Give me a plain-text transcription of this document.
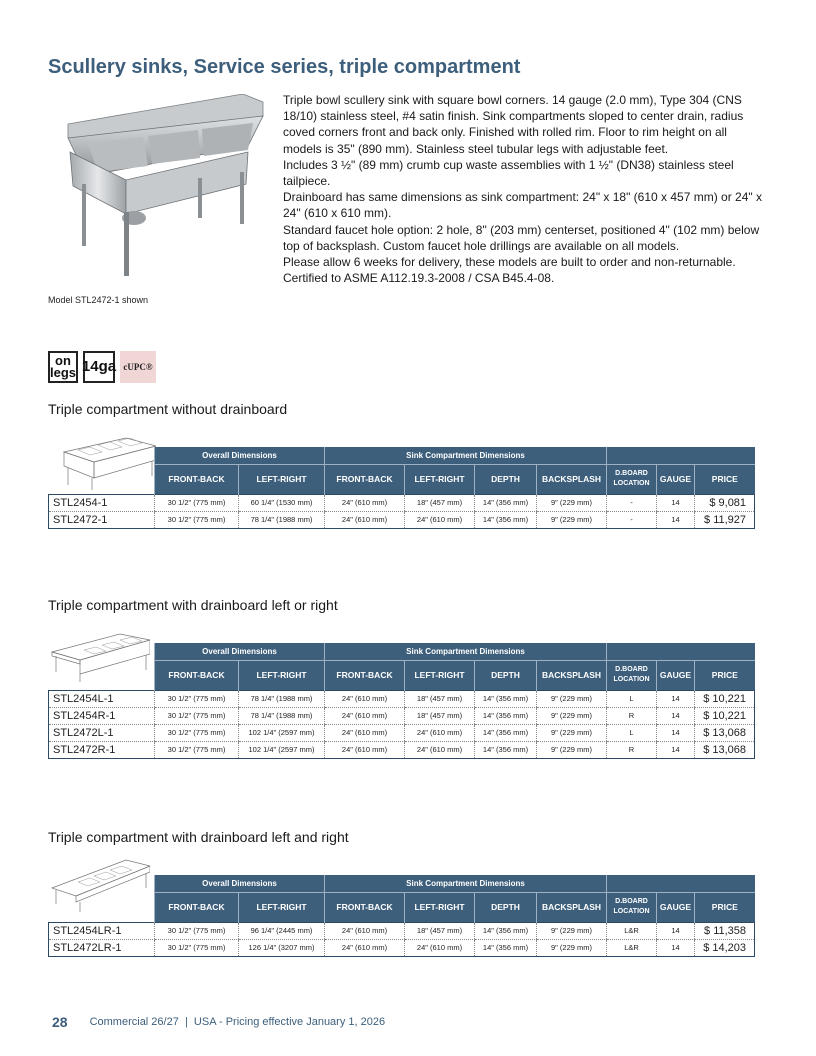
Scullery sinks, Service series, triple compartment
Model STL2472-1 shown

Triple bowl scullery sink with square bowl corners. 14 gauge (2.0 mm), Type 304 (CNS 18/10) stainless steel, #4 satin finish. Sink compartments sloped to center drain, radius coved corners front and back only. Finished with rolled rim. Floor to rim height on all models is 35" (890 mm). Stainless steel tubular legs with adjustable feet.

Includes 3 ½" (89 mm) crumb cup waste assemblies with 1 ½" (DN38) stainless steel tailpiece.

Drainboard has same dimensions as sink compartment: 24" x 18" (610 x 457 mm) or 24" x 24" (610 x 610 mm).

Standard faucet hole option: 2 hole, 8" (203 mm) centerset, positioned 4" (102 mm) below top of backsplash. Custom faucet hole drillings are available on all models.

Please allow 6 weeks for delivery, these models are built to order and non-returnable.

Certified to ASME A112.19.3-2008 / CSA B45.4-08.

on
legs 14ga cUPC®
Triple compartment without drainboard
	Overall Dimensions		Sink Compartment Dimensions						
	FRONT-BACK	LEFT-RIGHT	FRONT-BACK	LEFT-RIGHT	DEPTH	BACKSPLASH	D.BOARD
LOCATION	GAUGE	PRICE
STL2454-1	30 1/2" (775 mm)	60 1/4" (1530 mm)	24" (610 mm)	18" (457 mm)	14" (356 mm)	9" (229 mm)	-	14	$ 9,081
STL2472-1	30 1/2" (775 mm)	78 1/4" (1988 mm)	24" (610 mm)	24" (610 mm)	14" (356 mm)	9" (229 mm)	-	14	$ 11,927
Triple compartment with drainboard left or right
	Overall Dimensions		Sink Compartment Dimensions						
	FRONT-BACK	LEFT-RIGHT	FRONT-BACK	LEFT-RIGHT	DEPTH	BACKSPLASH	D.BOARD
LOCATION	GAUGE	PRICE
STL2454L-1	30 1/2" (775 mm)	78 1/4" (1988 mm)	24" (610 mm)	18" (457 mm)	14" (356 mm)	9" (229 mm)	L	14	$ 10,221
STL2454R-1	30 1/2" (775 mm)	78 1/4" (1988 mm)	24" (610 mm)	18" (457 mm)	14" (356 mm)	9" (229 mm)	R	14	$ 10,221
STL2472L-1	30 1/2" (775 mm)	102 1/4" (2597 mm)	24" (610 mm)	24" (610 mm)	14" (356 mm)	9" (229 mm)	L	14	$ 13,068
STL2472R-1	30 1/2" (775 mm)	102 1/4" (2597 mm)	24" (610 mm)	24" (610 mm)	14" (356 mm)	9" (229 mm)	R	14	$ 13,068
Triple compartment with drainboard left and right
	Overall Dimensions		Sink Compartment Dimensions						
	FRONT-BACK	LEFT-RIGHT	FRONT-BACK	LEFT-RIGHT	DEPTH	BACKSPLASH	D.BOARD
LOCATION	GAUGE	PRICE
STL2454LR-1	30 1/2" (775 mm)	96 1/4" (2445 mm)	24" (610 mm)	18" (457 mm)	14" (356 mm)	9" (229 mm)	L&R	14	$ 11,358
STL2472LR-1	30 1/2" (775 mm)	126 1/4" (3207 mm)	24" (610 mm)	24" (610 mm)	14" (356 mm)	9" (229 mm)	L&R	14	$ 14,203
28 Commercial 26/27  |  USA - Pricing effective January 1, 2026
